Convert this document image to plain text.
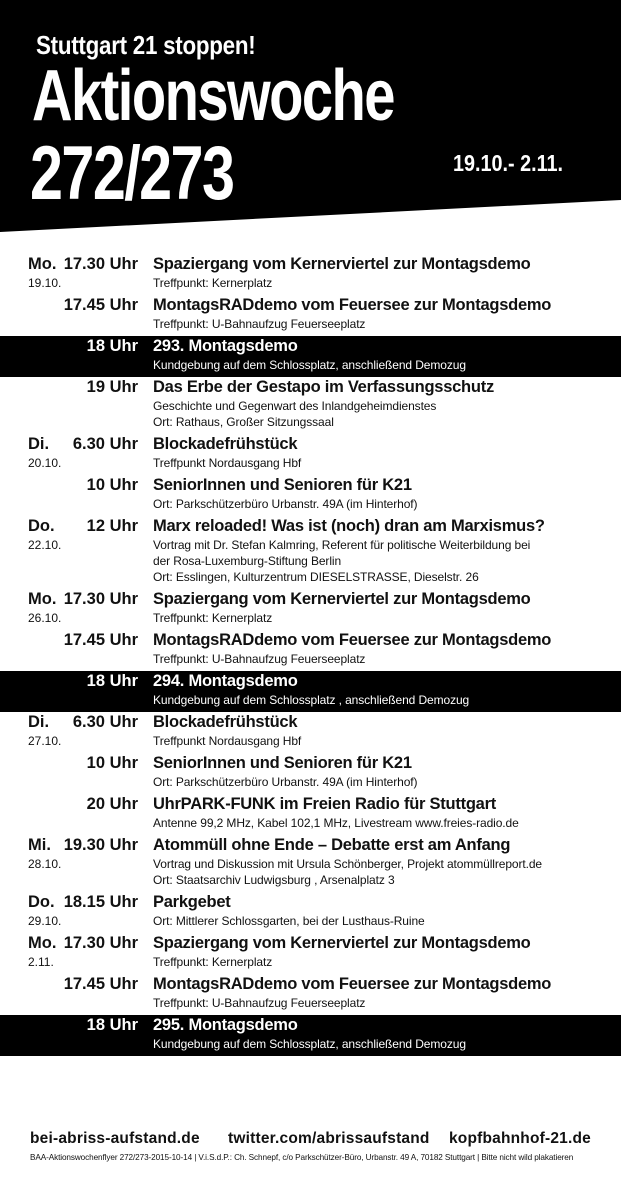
Stuttgart 21 stoppen!
Aktionswoche
272/273	19.10.- 2.11.
Mo. 17.30 Uhr
19.10.
Spaziergang vom Kernerviertel zur Montagsdemo
Treffpunkt: Kernerplatz
17.45 Uhr MontagsRADdemo vom Feuersee zur Montagsdemo
Treffpunkt: U-Bahnaufzug Feuerseeplatz
18 Uhr 293. Montagsdemo
Kundgebung auf dem Schlossplatz, anschließend Demozug
19 Uhr Das Erbe der Gestapo im Verfassungsschutz
Geschichte und Gegenwart des Inlandgeheimdienstes
Ort: Rathaus, Großer Sitzungssaal
Di. 6.30 Uhr
20.10.
Blockadefrühstück
Treffpunkt Nordausgang Hbf
10 Uhr SeniorInnen und Senioren für K21
Ort: Parkschützerbüro Urbanstr. 49A (im Hinterhof)
Do. 12 Uhr
22.10.
Marx reloaded! Was ist (noch) dran am Marxismus?
Vortrag mit Dr. Stefan Kalmring, Referent für politische Weiterbildung bei
der Rosa-Luxemburg-Stiftung Berlin
Ort: Esslingen, Kulturzentrum DIESELSTRASSE, Dieselstr. 26
Mo. 17.30 Uhr
26.10.
Spaziergang vom Kernerviertel zur Montagsdemo
Treffpunkt: Kernerplatz
17.45 Uhr MontagsRADdemo vom Feuersee zur Montagsdemo
Treffpunkt: U-Bahnaufzug Feuerseeplatz
18 Uhr 294. Montagsdemo
Kundgebung auf dem Schlossplatz , anschließend Demozug
Di. 6.30 Uhr
27.10.
Blockadefrühstück
Treffpunkt Nordausgang Hbf
10 Uhr SeniorInnen und Senioren für K21
Ort: Parkschützerbüro Urbanstr. 49A (im Hinterhof)
20 Uhr UhrPARK-FUNK im Freien Radio für Stuttgart
Antenne 99,2 MHz, Kabel 102,1 MHz, Livestream www.freies-radio.de
Mi. 19.30 Uhr
28.10.
Atommüll ohne Ende – Debatte erst am Anfang
Vortrag und Diskussion mit Ursula Schönberger, Projekt atommüllreport.de
Ort: Staatsarchiv Ludwigsburg , Arsenalplatz 3
Do. 18.15 Uhr
29.10.
Parkgebet
Ort: Mittlerer Schlossgarten, bei der Lusthaus-Ruine
Mo. 17.30 Uhr
2.11.
Spaziergang vom Kernerviertel zur Montagsdemo
Treffpunkt: Kernerplatz
17.45 Uhr MontagsRADdemo vom Feuersee zur Montagsdemo
Treffpunkt: U-Bahnaufzug Feuerseeplatz
18 Uhr 295. Montagsdemo
Kundgebung auf dem Schlossplatz, anschließend Demozug
bei-abriss-aufstand.de twitter.com/abrissaufstand kopfbahnhof-21.de
BAA-Aktionswochenflyer 272/273-2015-10-14 | V.i.S.d.P.: Ch. Schnepf, c/o Parkschützer-Büro, Urbanstr. 49 A, 70182 Stuttgart | Bitte nicht wild plakatieren
